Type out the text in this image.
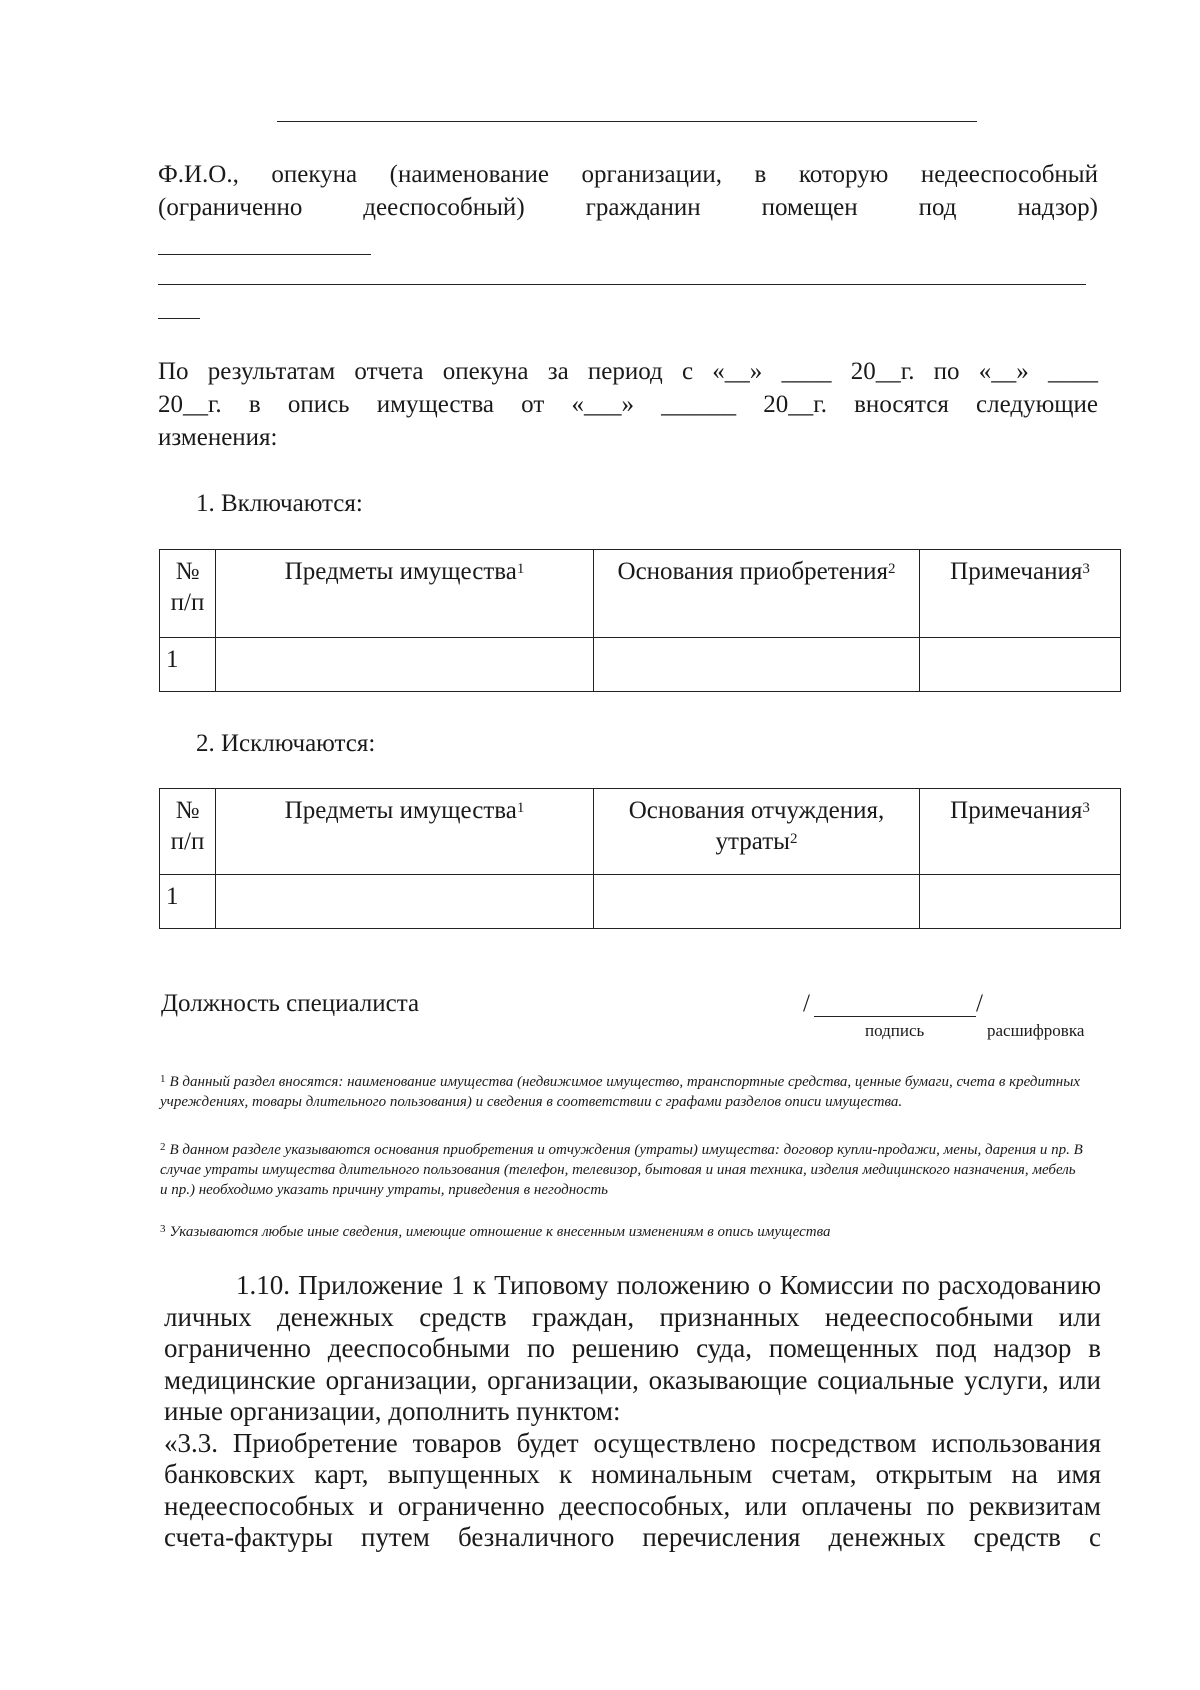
Ф.И.О., опекуна (наименование организации, в которую недееспособный
(ограниченно дееспособный) гражданин помещен под надзор)
По результатам отчета опекуна за период с «__» ____ 20__г. по «__» ____
20__г. в опись имущества от «___» ______ 20__г. вносятся следующие
изменения:
1. Включаются:
№ п/п	Предметы имущества$^1$	Основания приобретения$^2$	Примечания$^3$
1			
2. Исключаются:
№ п/п	Предметы имущества$^1$	Основания отчуждения, утраты$^2$	Примечания$^3$
1			
Должность специалиста	/	/
подпись	расшифровка
$^1$ В данный раздел вносятся: наименование имущества (недвижимое имущество, транспортные средства, ценные бумаги, счета в кредитных учреждениях, товары длительного пользования) и сведения в соответствии с графами разделов описи имущества.
$^2$ В данном разделе указываются основания приобретения и отчуждения (утраты) имущества: договор купли-продажи, мены, дарения и пр. В случае утраты имущества длительного пользования (телефон, телевизор, бытовая и иная техника, изделия медицинского назначения, мебель и пр.) необходимо указать причину утраты, приведения в негодность
$^3$ Указываются любые иные сведения, имеющие отношение к внесенным изменениям в опись имущества

1.10. Приложение 1 к Типовому положению о Комиссии по расходованию личных денежных средств граждан, признанных недееспособными или ограниченно дееспособными по решению суда, помещенных под надзор в медицинские организации, организации, оказывающие социальные услуги, или иные организации, дополнить пунктом:

«3.3. Приобретение товаров будет осуществлено посредством использования банковских карт, выпущенных к номинальным счетам, открытым на имя недееспособных и ограниченно дееспособных, или оплачены по реквизитам счета-фактуры путем безналичного перечисления денежных средств с
